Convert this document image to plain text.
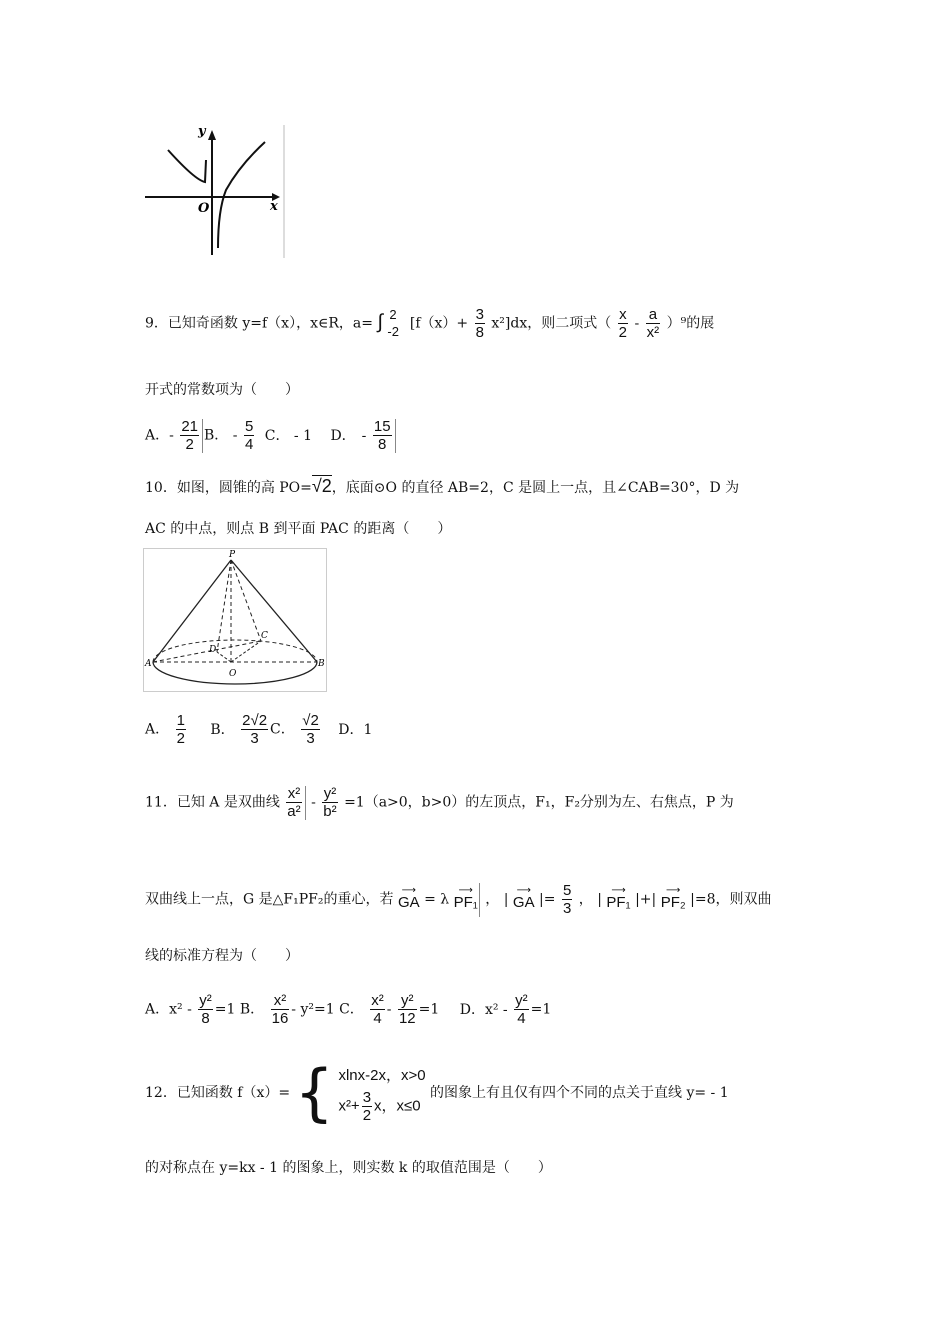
y
x
O
9．已知奇函数 y=f（x），x∈R，a= ∫ 2
-2 $[f(x)+ \frac{3}{8} x^2]dx$，则二项式（ $\frac{x}{2} - \frac{a}{\text{x²}} )^9$的展
开式的常数项为（　　）
A．- $\frac{21}{2}$ B． - $\frac{5}{4}$ C． - 1 D． - $\frac{15}{8}$
10．如图，圆锥的高 PO=√2，底面⊙O 的直径 AB=2，C 是圆上一点，且∠CAB=30°，D 为
AC 的中点，则点 B 到平面 PAC 的距离（　　）
P
A	B
C
D
O
A． $\frac{1}{2}$ B． $\frac{2√2}{3}$ C． $\frac{√2}{3}$ D．1
11．已知 A 是双曲线 $\frac{\text{x²}}{\text{a²}} - \frac{\text{y²}}{\text{b²}} =1(a>0$，b>0）的左顶点，F₁，F₂分别为左、右焦点，P 为
双曲线上一点，G 是△F₁PF₂的重心，若
⟶
GA = λ
⟶
PF₁ ， |
⟶
GA |= $\frac{5}{3}$ ， |
⟶
PF₁ |+|
⟶
PF₂ |=8，则双曲
线的标准方程为（　　）
A．$x^2 - \frac{\text{y²}}{8} =1$ B． $\frac{\text{x²}}{16} - y^2=1$ C． $\frac{\text{x²}}{4} - \frac{\text{y²}}{12} =1$ D．$x^2 - \frac{\text{y²}}{4} =1$
12．已知函数 f（x）= { xlnx-2x，x>0
$x^2+ \frac{3}{2}$ x，x≤0
的图象上有且仅有四个不同的点关于直线 y= - 1
的对称点在 y=kx - 1 的图象上，则实数 k 的取值范围是（　　）
